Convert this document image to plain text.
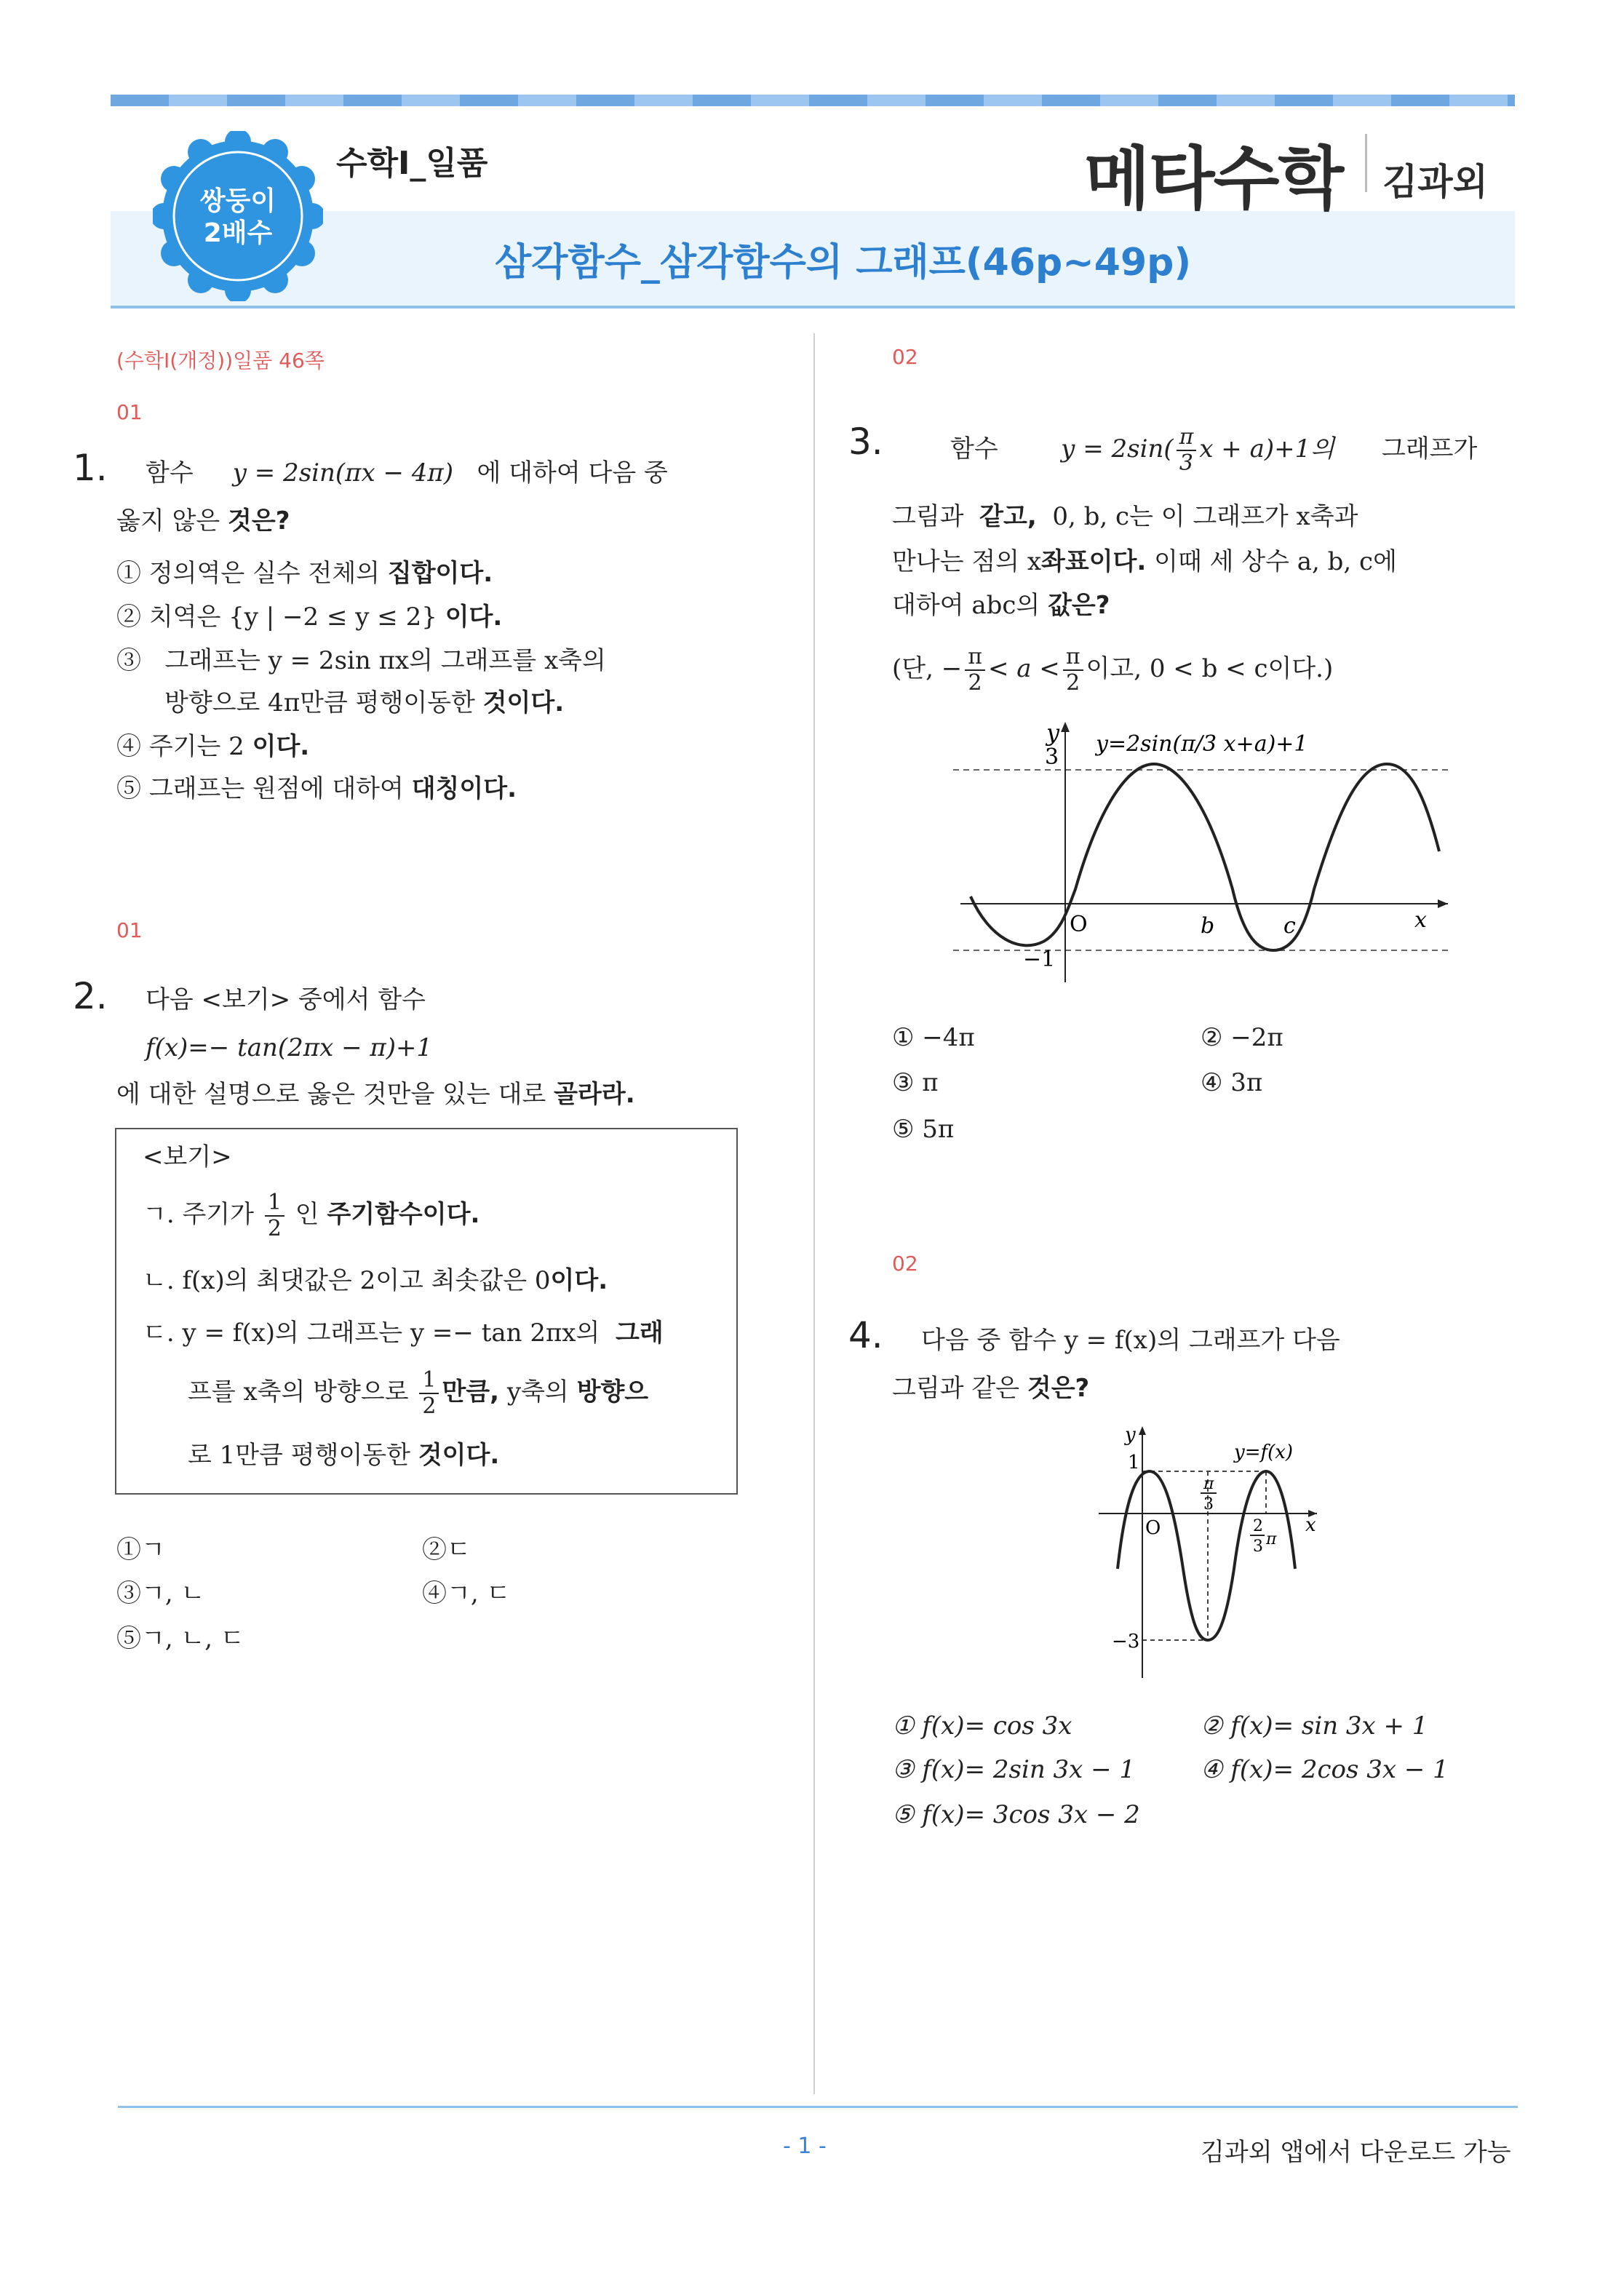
쌍둥이
2배수
수학Ⅰ_일품
삼각함수_삼각함수의 그래프(46p~49p)
메타수학 김과외
(수학Ⅰ(개정))일품 46쪽
01
1. 함수 y = 2sin(πx − 4π) 에 대하여 다음 중
옳지 않은 것은?
① 정의역은 실수 전체의 집합이다.
② 치역은 {y | −2 ≤ y ≤ 2} 이다.
③ 그래프는 y = 2sin πx의 그래프를 x축의
방향으로 4π만큼 평행이동한 것이다.
④ 주기는 2 이다.
⑤ 그래프는 원점에 대하여 대칭이다.
01
2. 다음 <보기> 중에서 함수
f(x)=− tan(2πx − π)+1
에 대한 설명으로 옳은 것만을 있는 대로 골라라.
<보기>
ㄱ. 주기가 $\frac{1}{2}$ 인 주기함수이다.
ㄴ. f(x)의 최댓값은 2이고 최솟값은 0이다.
ㄷ. y = f(x)의 그래프는 y =− tan 2πx의 그래
프를 x축의 방향으로 $\frac{1}{2}$ 만큼, y축의 방향으
로 1만큼 평행이동한 것이다.
①ㄱ	②ㄷ
③ㄱ, ㄴ	④ㄱ, ㄷ
⑤ㄱ, ㄴ, ㄷ
02
3.	함수	$y = 2\sin( \frac{\pi}{3}$ x + a)+1의 그래프가
그림과 같고, 0, b, c는 이 그래프가 x축과
만나는 점의 x좌표이다. 이때 세 상수 a, b, c에
대하여 abc의 값은?
(단, − $\frac{\pi}{2} < a < \frac{\pi}{2}$ 이고, 0 < b < c이다.)
y
3
y=2sin(π/3 x+a)+1
O	b	c	x
−1
① −4π	② −2π
③ π	④ 3π
⑤ 5π
02
4. 다음 중 함수 y = f(x)의 그래프가 다음
그림과 같은 것은?
y
1	y=f(x)
π
3
O	2
3 π
x
−3
① f(x)= cos 3x	② f(x)= sin 3x + 1
③ f(x)= 2sin 3x − 1	④ f(x)= 2cos 3x − 1
⑤ f(x)= 3cos 3x − 2
- 1 -	김과외 앱에서 다운로드 가능
